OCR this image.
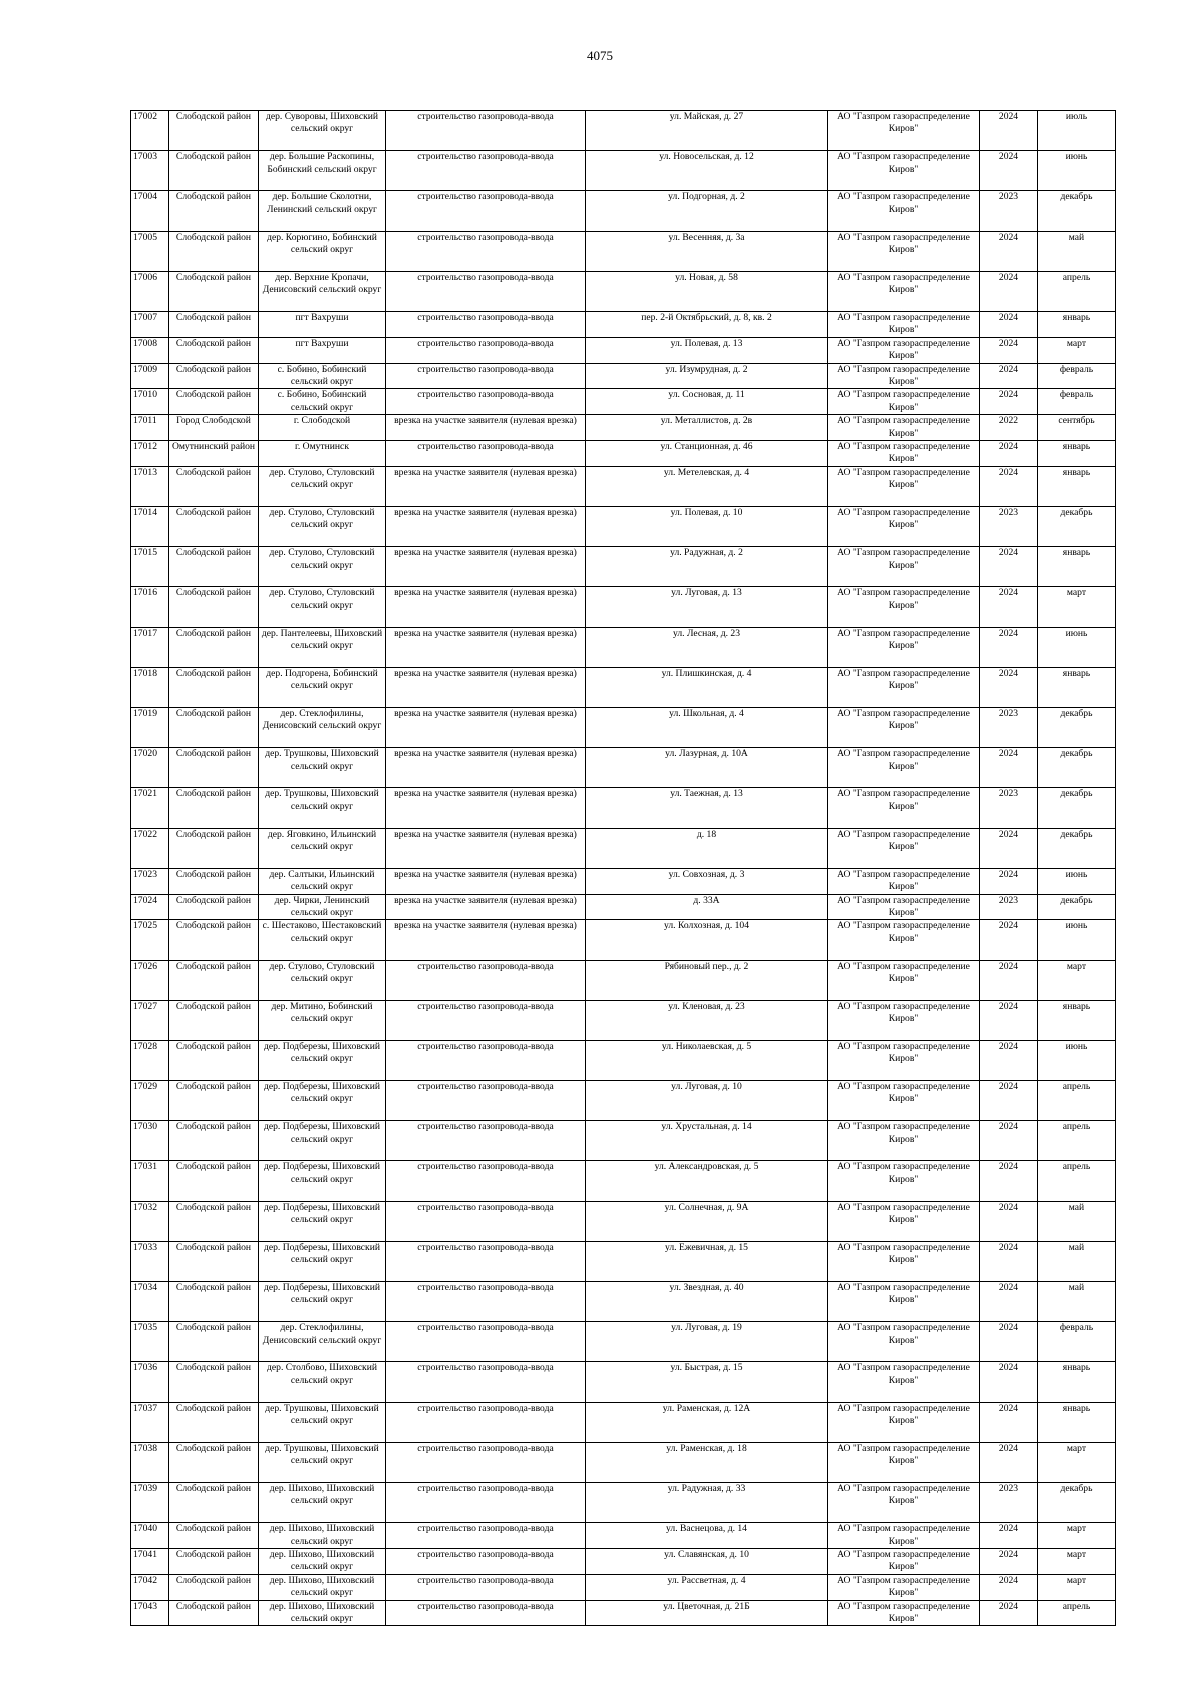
4075
17002	Слободской район	дер. Суворовы, Шиховский сельский округ	строительство газопровода-ввода	ул. Майская, д. 27	АО "Газпром газораспределение Киров"	2024	июль
17003	Слободской район	дер. Большие Раскопины, Бобинский сельский округ	строительство газопровода-ввода	ул. Новосельская, д. 12	АО "Газпром газораспределение Киров"	2024	июнь
17004	Слободской район	дер. Большие Сколотни, Ленинский сельский округ	строительство газопровода-ввода	ул. Подгорная, д. 2	АО "Газпром газораспределение Киров"	2023	декабрь
17005	Слободской район	дер. Корюгино, Бобинский сельский округ	строительство газопровода-ввода	ул. Весенняя, д. 3а	АО "Газпром газораспределение Киров"	2024	май
17006	Слободской район	дер. Верхние Кропачи, Денисовский сельский округ	строительство газопровода-ввода	ул. Новая, д. 58	АО "Газпром газораспределение Киров"	2024	апрель
17007	Слободской район	пгт Вахруши	строительство газопровода-ввода	пер. 2-й Октябрьский, д. 8, кв. 2	АО "Газпром газораспределение Киров"	2024	январь
17008	Слободской район	пгт Вахруши	строительство газопровода-ввода	ул. Полевая, д. 13	АО "Газпром газораспределение Киров"	2024	март
17009	Слободской район	с. Бобино, Бобинский сельский округ	строительство газопровода-ввода	ул. Изумрудная, д. 2	АО "Газпром газораспределение Киров"	2024	февраль
17010	Слободской район	с. Бобино, Бобинский сельский округ	строительство газопровода-ввода	ул. Сосновая, д. 11	АО "Газпром газораспределение Киров"	2024	февраль
17011	Город Слободской	г. Слободской	врезка на участке заявителя (нулевая врезка)	ул. Металлистов, д. 2в	АО "Газпром газораспределение Киров"	2022	сентябрь
17012	Омутнинский район	г. Омутнинск	строительство газопровода-ввода	ул. Станционная, д. 46	АО "Газпром газораспределение Киров"	2024	январь
17013	Слободской район	дер. Стулово, Стуловский сельский округ	врезка на участке заявителя (нулевая врезка)	ул. Метелевская, д. 4	АО "Газпром газораспределение Киров"	2024	январь
17014	Слободской район	дер. Стулово, Стуловский сельский округ	врезка на участке заявителя (нулевая врезка)	ул. Полевая, д. 10	АО "Газпром газораспределение Киров"	2023	декабрь
17015	Слободской район	дер. Стулово, Стуловский сельский округ	врезка на участке заявителя (нулевая врезка)	ул. Радужная, д. 2	АО "Газпром газораспределение Киров"	2024	январь
17016	Слободской район	дер. Стулово, Стуловский сельский округ	врезка на участке заявителя (нулевая врезка)	ул. Луговая, д. 13	АО "Газпром газораспределение Киров"	2024	март
17017	Слободской район	дер. Пантелеевы, Шиховский сельский округ	врезка на участке заявителя (нулевая врезка)	ул. Лесная, д. 23	АО "Газпром газораспределение Киров"	2024	июнь
17018	Слободской район	дер. Подгорена, Бобинский сельский округ	врезка на участке заявителя (нулевая врезка)	ул. Плишкинская, д. 4	АО "Газпром газораспределение Киров"	2024	январь
17019	Слободской район	дер. Стеклофилины, Денисовский сельский округ	врезка на участке заявителя (нулевая врезка)	ул. Школьная, д. 4	АО "Газпром газораспределение Киров"	2023	декабрь
17020	Слободской район	дер. Трушковы, Шиховский сельский округ	врезка на участке заявителя (нулевая врезка)	ул. Лазурная, д. 10А	АО "Газпром газораспределение Киров"	2024	декабрь
17021	Слободской район	дер. Трушковы, Шиховский сельский округ	врезка на участке заявителя (нулевая врезка)	ул. Таежная, д. 13	АО "Газпром газораспределение Киров"	2023	декабрь
17022	Слободской район	дер. Яговкино, Ильинский сельский округ	врезка на участке заявителя (нулевая врезка)	д. 18	АО "Газпром газораспределение Киров"	2024	декабрь
17023	Слободской район	дер. Салтыки, Ильинский сельский округ	врезка на участке заявителя (нулевая врезка)	ул. Совхозная, д. 3	АО "Газпром газораспределение Киров"	2024	июнь
17024	Слободской район	дер. Чирки, Ленинский сельский округ	врезка на участке заявителя (нулевая врезка)	д. 33А	АО "Газпром газораспределение Киров"	2023	декабрь
17025	Слободской район	с. Шестаково, Шестаковский сельский округ	врезка на участке заявителя (нулевая врезка)	ул. Колхозная, д. 104	АО "Газпром газораспределение Киров"	2024	июнь
17026	Слободской район	дер. Стулово, Стуловский сельский округ	строительство газопровода-ввода	Рябиновый пер., д. 2	АО "Газпром газораспределение Киров"	2024	март
17027	Слободской район	дер. Митино, Бобинский сельский округ	строительство газопровода-ввода	ул. Кленовая, д. 23	АО "Газпром газораспределение Киров"	2024	январь
17028	Слободской район	дер. Подберезы, Шиховский сельский округ	строительство газопровода-ввода	ул. Николаевская, д. 5	АО "Газпром газораспределение Киров"	2024	июнь
17029	Слободской район	дер. Подберезы, Шиховский сельский округ	строительство газопровода-ввода	ул. Луговая, д. 10	АО "Газпром газораспределение Киров"	2024	апрель
17030	Слободской район	дер. Подберезы, Шиховский сельский округ	строительство газопровода-ввода	ул. Хрустальная, д. 14	АО "Газпром газораспределение Киров"	2024	апрель
17031	Слободской район	дер. Подберезы, Шиховский сельский округ	строительство газопровода-ввода	ул. Александровская, д. 5	АО "Газпром газораспределение Киров"	2024	апрель
17032	Слободской район	дер. Подберезы, Шиховский сельский округ	строительство газопровода-ввода	ул. Солнечная, д. 9А	АО "Газпром газораспределение Киров"	2024	май
17033	Слободской район	дер. Подберезы, Шиховский сельский округ	строительство газопровода-ввода	ул. Ежевичная, д. 15	АО "Газпром газораспределение Киров"	2024	май
17034	Слободской район	дер. Подберезы, Шиховский сельский округ	строительство газопровода-ввода	ул. Звездная, д. 40	АО "Газпром газораспределение Киров"	2024	май
17035	Слободской район	дер. Стеклофилины, Денисовский сельский округ	строительство газопровода-ввода	ул. Луговая, д. 19	АО "Газпром газораспределение Киров"	2024	февраль
17036	Слободской район	дер. Столбово, Шиховский сельский округ	строительство газопровода-ввода	ул. Быстрая, д. 15	АО "Газпром газораспределение Киров"	2024	январь
17037	Слободской район	дер. Трушковы, Шиховский сельский округ	строительство газопровода-ввода	ул. Раменская, д. 12А	АО "Газпром газораспределение Киров"	2024	январь
17038	Слободской район	дер. Трушковы, Шиховский сельский округ	строительство газопровода-ввода	ул. Раменская, д. 18	АО "Газпром газораспределение Киров"	2024	март
17039	Слободской район	дер. Шихово, Шиховский сельский округ	строительство газопровода-ввода	ул. Радужная, д. 33	АО "Газпром газораспределение Киров"	2023	декабрь
17040	Слободской район	дер. Шихово, Шиховский сельский округ	строительство газопровода-ввода	ул. Васнецова, д. 14	АО "Газпром газораспределение Киров"	2024	март
17041	Слободской район	дер. Шихово, Шиховский сельский округ	строительство газопровода-ввода	ул. Славянская, д. 10	АО "Газпром газораспределение Киров"	2024	март
17042	Слободской район	дер. Шихово, Шиховский сельский округ	строительство газопровода-ввода	ул. Рассветная, д. 4	АО "Газпром газораспределение Киров"	2024	март
17043	Слободской район	дер. Шихово, Шиховский сельский округ	строительство газопровода-ввода	ул. Цветочная, д. 21Б	АО "Газпром газораспределение Киров"	2024	апрель
